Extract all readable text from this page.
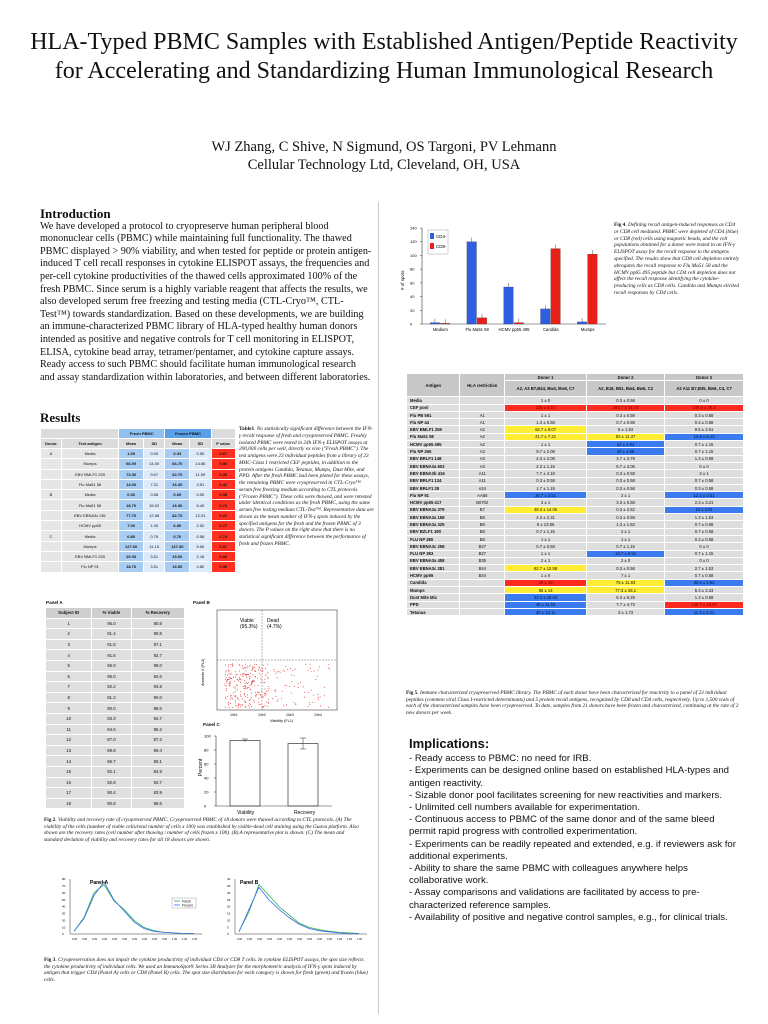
HLA-Typed PBMC Samples with Established Antigen/Peptide Reactivity for Accelerating and Standardizing Human Immunological Research
WJ Zhang, C Shive, N Sigmund, OS Targoni, PV Lehmann
Cellular Technology Ltd, Cleveland, OH, USA
Introduction

We have developed a protocol to cryopreserve human peripheral blood mononuclear cells (PBMC) while maintaining full functionality. The thawed PBMC displayed > 90% viability, and when tested for peptide or protein antigen-induced T cell recall responses in cytokine ELISPOT assays, the frequencies and per-cell cytokine productivities of the thawed cells approximated 100% of the fresh PBMC. Since serum is a highly variable reagent that affects the results, we also developed serum free freezing and testing media (CTL-Cryo™, CTL-Test™) towards standardization. Based on these developments, we are building an immune-characterized PBMC library of HLA-typed healthy human donors intended as positive and negative controls for T cell monitoring in ELISPOT, ELISA, cytokine bead array, tetramer/pentamer, and cytokine capture assays. Ready access to such PBMC should facilitate human immunological research and assay standardization within laboratories, and between different laboratories.

Results
		Fresh PBMC		Frozen PBMC		
Donor	Test antigen	Mean	SD	Mean	SD	P value
A	Media	1.00	0.00	0.33	0.50	0.67
	Mumps	66.00	14.00	66.70	14.86	0.56
	EBV BMLF1 259	73.30	9.07	62.70	11.59	0.26
	Flu Ma51 58	14.00	7.21	16.30	3.51	0.41
B	Media	0.30	0.58	0.00	0.00	0.38
	Flu Ma51 58	18.70	15.02	16.30	6.40	0.74
	EBV EBNA3c 281	77.70	12.58	82.70	12.01	0.21
	HCMV pp65	7.00	1.00	6.50	2.52	0.77
C	Media	0.80	0.76	0.70	0.58	0.74
	Mumps	127.00	11.15	127.30	9.60	0.67
	EBV BMLF1 259	20.30	3.51	15.00	2.16	0.06
	Flu NP 91	18.70	3.51	16.50	4.80	0.90
Table1. No statistically significant difference between the IFN-γ recall response of fresh and cryopreserved PBMC. Freshly isolated PBMC were tested in 24h IFN-γ ELISPOT assays at 200,000 cells per well, directly ex vivo ("Fresh PBMC"). The test antigens were 23 individual peptides from a library of 23 MHC-Class I restricted CEF peptides, in addition to the protein antigens Candida, Tetanus, Mumps, Dust Mite, and PPD. After the fresh PBMC had been plated for these assays, the remaining PBMC were cryopreserved in CTL-Cryo™ serum free freezing medium according to CTL protocols ("Frozen PBMC"). These cells were thawed, and were retested under identical conditions as the fresh PBMC, using the same serum free testing medium CTL-Test™. Representative data are shown as the mean number of IFN-γ spots induced by the specified antigens for the fresh and the frozen PBMC of 3 donors. The P values on the right show that there is no statistical significant difference between the performance of fresh and frozen PBMC.
Panel A
Subject ID	% Viable	% Recovery
1	95.0	80.8
2	91.4	80.8
3	91.5	87.1
4	91.5	92.7
5	95.0	98.0
6	95.0	92.6
7	92.2	94.8
8	91.2	90.0
9	90.0	88.6
10	93.3	94.7
11	94.6	96.2
12	87.0	87.2
13	89.8	89.4
14	86.7	80.1
15	92.1	84.9
16	92.8	92.7
17	90.4	83.9
18	90.8	98.5
Panel B
Viable
(95.3%)
Dead
(4.7%)
10e1	10e2	10e3	10e4
Viability (FL1)
Annexin V (FL2)
Panel C
100
80
60
40
20
0
Percent
Viability	Recovery
Fig 2. Viability and recovery rate of cryopreserved PBMC. Cryopreserved PBMC of 18 donors were thawed according to CTL protocols. (A) The viability of the cells (number of viable cells/total number of cells x 100) was established by visible-dead cell staining using the Guava platform. Also shown are the recovery rates (cell number after thawing / number of cells frozen x 100). (B) A representative plot is shown. (C) The mean and standard deviation of viability and recovery rates for all 18 donors are shown.
80
70
60
50
40
30
20
10
0
0.00 0.00 0.00 0.00 0.00 0.00 0.00 0.00 0.00 0.00 1.00 1.00 1.00
40
35
30
25
20
15
10
5
0
0.00 0.00 0.00 0.00 0.00 0.00 0.00 0.00 0.00 0.00 1.00 1.00 1.00
Panel A	Panel B
Fresh
Frozen
Fig 3. Cryopreservation does not impair the cytokine productivity of individual CD4 or CD8 T cells. In cytokine ELISPOT assays, the spot size reflects the cytokine productivity of individual cells. We used an ImmunoSpot® Series 3B Analyzer for the morphometric analysis of IFN-γ spots induced by antigen that trigger CD4 (Panel A) cells or CD8 (Panel B) cells. The spot size distribution for each category is shown for fresh (green) and frozen (blue) cells.
140
120
100
80
60
40
20
0
# of spots
Medium	Flu Ma51 58 HCMV pp65 495	Candida	Mumps
CD4-
CD8-
Fig 4. Defining recall antigen-induced responses as CD4 or CD8 cell mediated. PBMC were depleted of CD4 (blue) or CD8 (red) cells using magnetic beads, and the cell populations obtained for a donor were tested in an IFN-γ ELISPOT assay for the recall response to the antigens specified. The results show that CD8 cell depletion entirely abrogates the recall response to Flu Ma51 58 and the HCMV pp65 495 peptide but CD4 cell depletion does not affect the recall response identifying the cytokine-producing cells as CD8 cells. Candida and Mumps elicited recall responses by CD4 cells.
Antigen	HLA restriction	Donor 1	Donor 2	Donor 3
		A2, A3 B7,B44, Bw4, Bw6, C7	A2, B18, B51, Bw4, Bw6, C2	A2 A11 B7,B35, Bw6, C4, C7
Media		1 ± 0	0.3 ± 0.58	0 ± 0
CEF pool		235 ± 8.57	384.7 ± 16.73	248.3 ± 36.5
Flu PB 591	A1	1 ± 1	0.3 ± 0.58	0.3 ± 0.58
Flu NP 44	A1	1.3 ± 0.58	0.7 ± 0.58	0.3 ± 0.58
EBV BMLF1 259	A2	62.7 ± 9.07	6 ± 1.53	9.5 ± 3.51
Flu Ma51 58	A2	21.7 ± 7.21	83 ± 11.37	13.8 ± 5.13
HCMV pp65 495	A2	1 ± 1	42 ± 2.94	0.7 ± 1.15
Flu NP 265	A3	9.7 ± 2.08	30 ± 4.58	0.7 ± 1.15
EBV BRLF1 148	A3	4.3 ± 2.08	3.7 ± 3.79	1.3 ± 0.58
EBV EBNA3a 603	A3	2.3 ± 1.15	8.7 ± 3.06	0 ± 0
EBV EBNA3b 416	A11	7.7 ± 4.16	0.3 ± 0.58	3 ± 1
EBV BRLF1 134	A11	0.3 ± 0.58	0.3 ± 0.58	0.7 ± 0.58
EBV BRLF1 28	A24	1.7 ± 1.15	0.3 ± 0.58	0.3 ± 0.58
Flu NP 91	AA68	36.7 ± 3.51	2 ± 1	12.3 ± 3.51
HCMV pp65 417	B0702	3 ± 1	3.3 ± 0.58	2.3 ± 3.21
EBV EBNA3a 379	B7	48.3 ± 14.05	0.3 ± 2.52	10 ± 3.61
EBV EBNA3a 158	B8	2.3 ± 2.31	0.3 ± 0.58	1.3 ± 1.53
EBV EBNA3a 325	B8	9 ± 13.86	1.3 ± 1.53	0.7 ± 0.58
EBV BZLF1 190	B8	0.7 ± 1.15	2 ± 1	0.7 ± 0.58
FLU NP 380	B8	1 ± 1	1 ± 1	0.3 ± 0.58
EBV EBNA3c 258	B27	0.7 ± 0.58	0.7 ± 1.15	0 ± 0
FLU NP 383	B27	1 ± 1	18.7 ± 6.51	0.7 ± 1.15
EBV EBNA3a 458	B35	2 ± 1	2 ± 0	0 ± 0
EBV EBNA3c 281	B44	62.7 ± 12.58	0.3 ± 0.58	2.7 ± 1.53
HCMV pp65	B44	1 ± 0	7 ± 1	0.7 ± 0.58
Candida		40 ± 18	78 ± 11.93	33.3 ± 2.52
Mumps		66 ± 14	77.3 ± 26.1	5.3 ± 3.23
Dust Mite Mix		33.3 ± 15.04	6.3 ± 6.29	1.3 ± 0.58
PPD		45 ± 11.53	7.7 ± 4.73	148.7 ± 10.97
Tetanus		30 ± 13.11	3 ± 1.73	11.3 ± 0.21
Fig 5. Immune characterized cryopreserved PBMC library. The PBMC of each donor have been characterized for reactivity to a panel of 23 individual peptides (common viral Class I-restricted determinants) and 5 protein recall antigens, recognized by CD8 and CD4 cells, respectively. Up to 1,500 vials of each of the characterized samples have been cryopreserved. To date, samples from 21 donors have been frozen and characterized, continuing at the rate of 2 new donors per week.
Implications:
- Ready access to PBMC: no need for IRB.
- Experiments can be designed online based on established HLA-types and antigen reactivity.
- Sizable donor pool facilitates screening for new reactivities and markers.
- Unlimited cell numbers available for experimentation.
- Continuous access to PBMC of the same donor and of the same bleed permit rapid progress with controlled experimentation.
- Experiments can be readily repeated and extended, e.g. if reviewers ask for additional experiments.
- Ability to share the same PBMC with colleagues anywhere helps collaborative work.
- Assay comparisons and validations are facilitated by access to pre-characterized reference samples.
- Availability of positive and negative control samples, e.g., for clinical trials.
